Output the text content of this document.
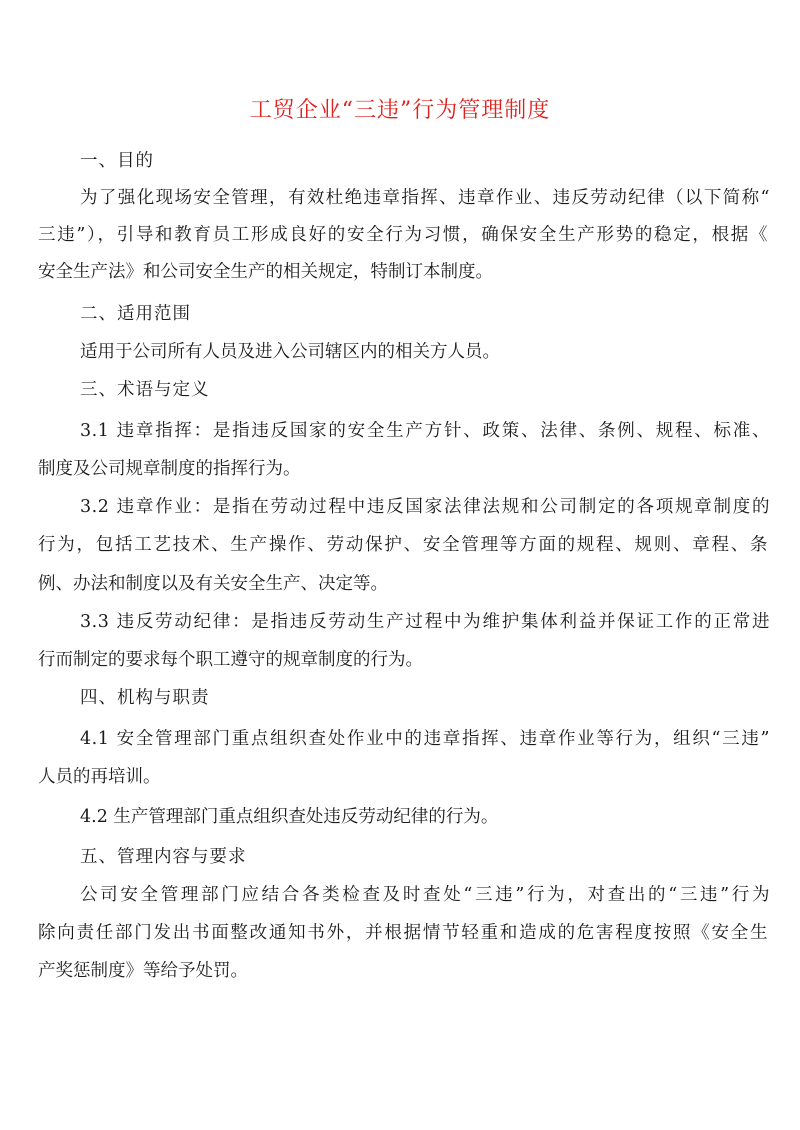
工贸企业“三违”行为管理制度
一、目的
为了强化现场安全管理，有效杜绝违章指挥、违章作业、违反劳动纪律（以下简称“
三违”），引导和教育员工形成良好的安全行为习惯，确保安全生产形势的稳定，根据《
安全生产法》和公司安全生产的相关规定，特制订本制度。
二、适用范围
适用于公司所有人员及进入公司辖区内的相关方人员。
三、术语与定义
3.1 违章指挥：是指违反国家的安全生产方针、政策、法律、条例、规程、标准、
制度及公司规章制度的指挥行为。
3.2 违章作业：是指在劳动过程中违反国家法律法规和公司制定的各项规章制度的
行为，包括工艺技术、生产操作、劳动保护、安全管理等方面的规程、规则、章程、条
例、办法和制度以及有关安全生产、决定等。
3.3 违反劳动纪律：是指违反劳动生产过程中为维护集体利益并保证工作的正常进
行而制定的要求每个职工遵守的规章制度的行为。
四、机构与职责
4.1 安全管理部门重点组织查处作业中的违章指挥、违章作业等行为，组织“三违”
人员的再培训。
4.2 生产管理部门重点组织查处违反劳动纪律的行为。
五、管理内容与要求
公司安全管理部门应结合各类检查及时查处“三违”行为，对查出的“三违”行为
除向责任部门发出书面整改通知书外，并根据情节轻重和造成的危害程度按照《安全生
产奖惩制度》等给予处罚。
